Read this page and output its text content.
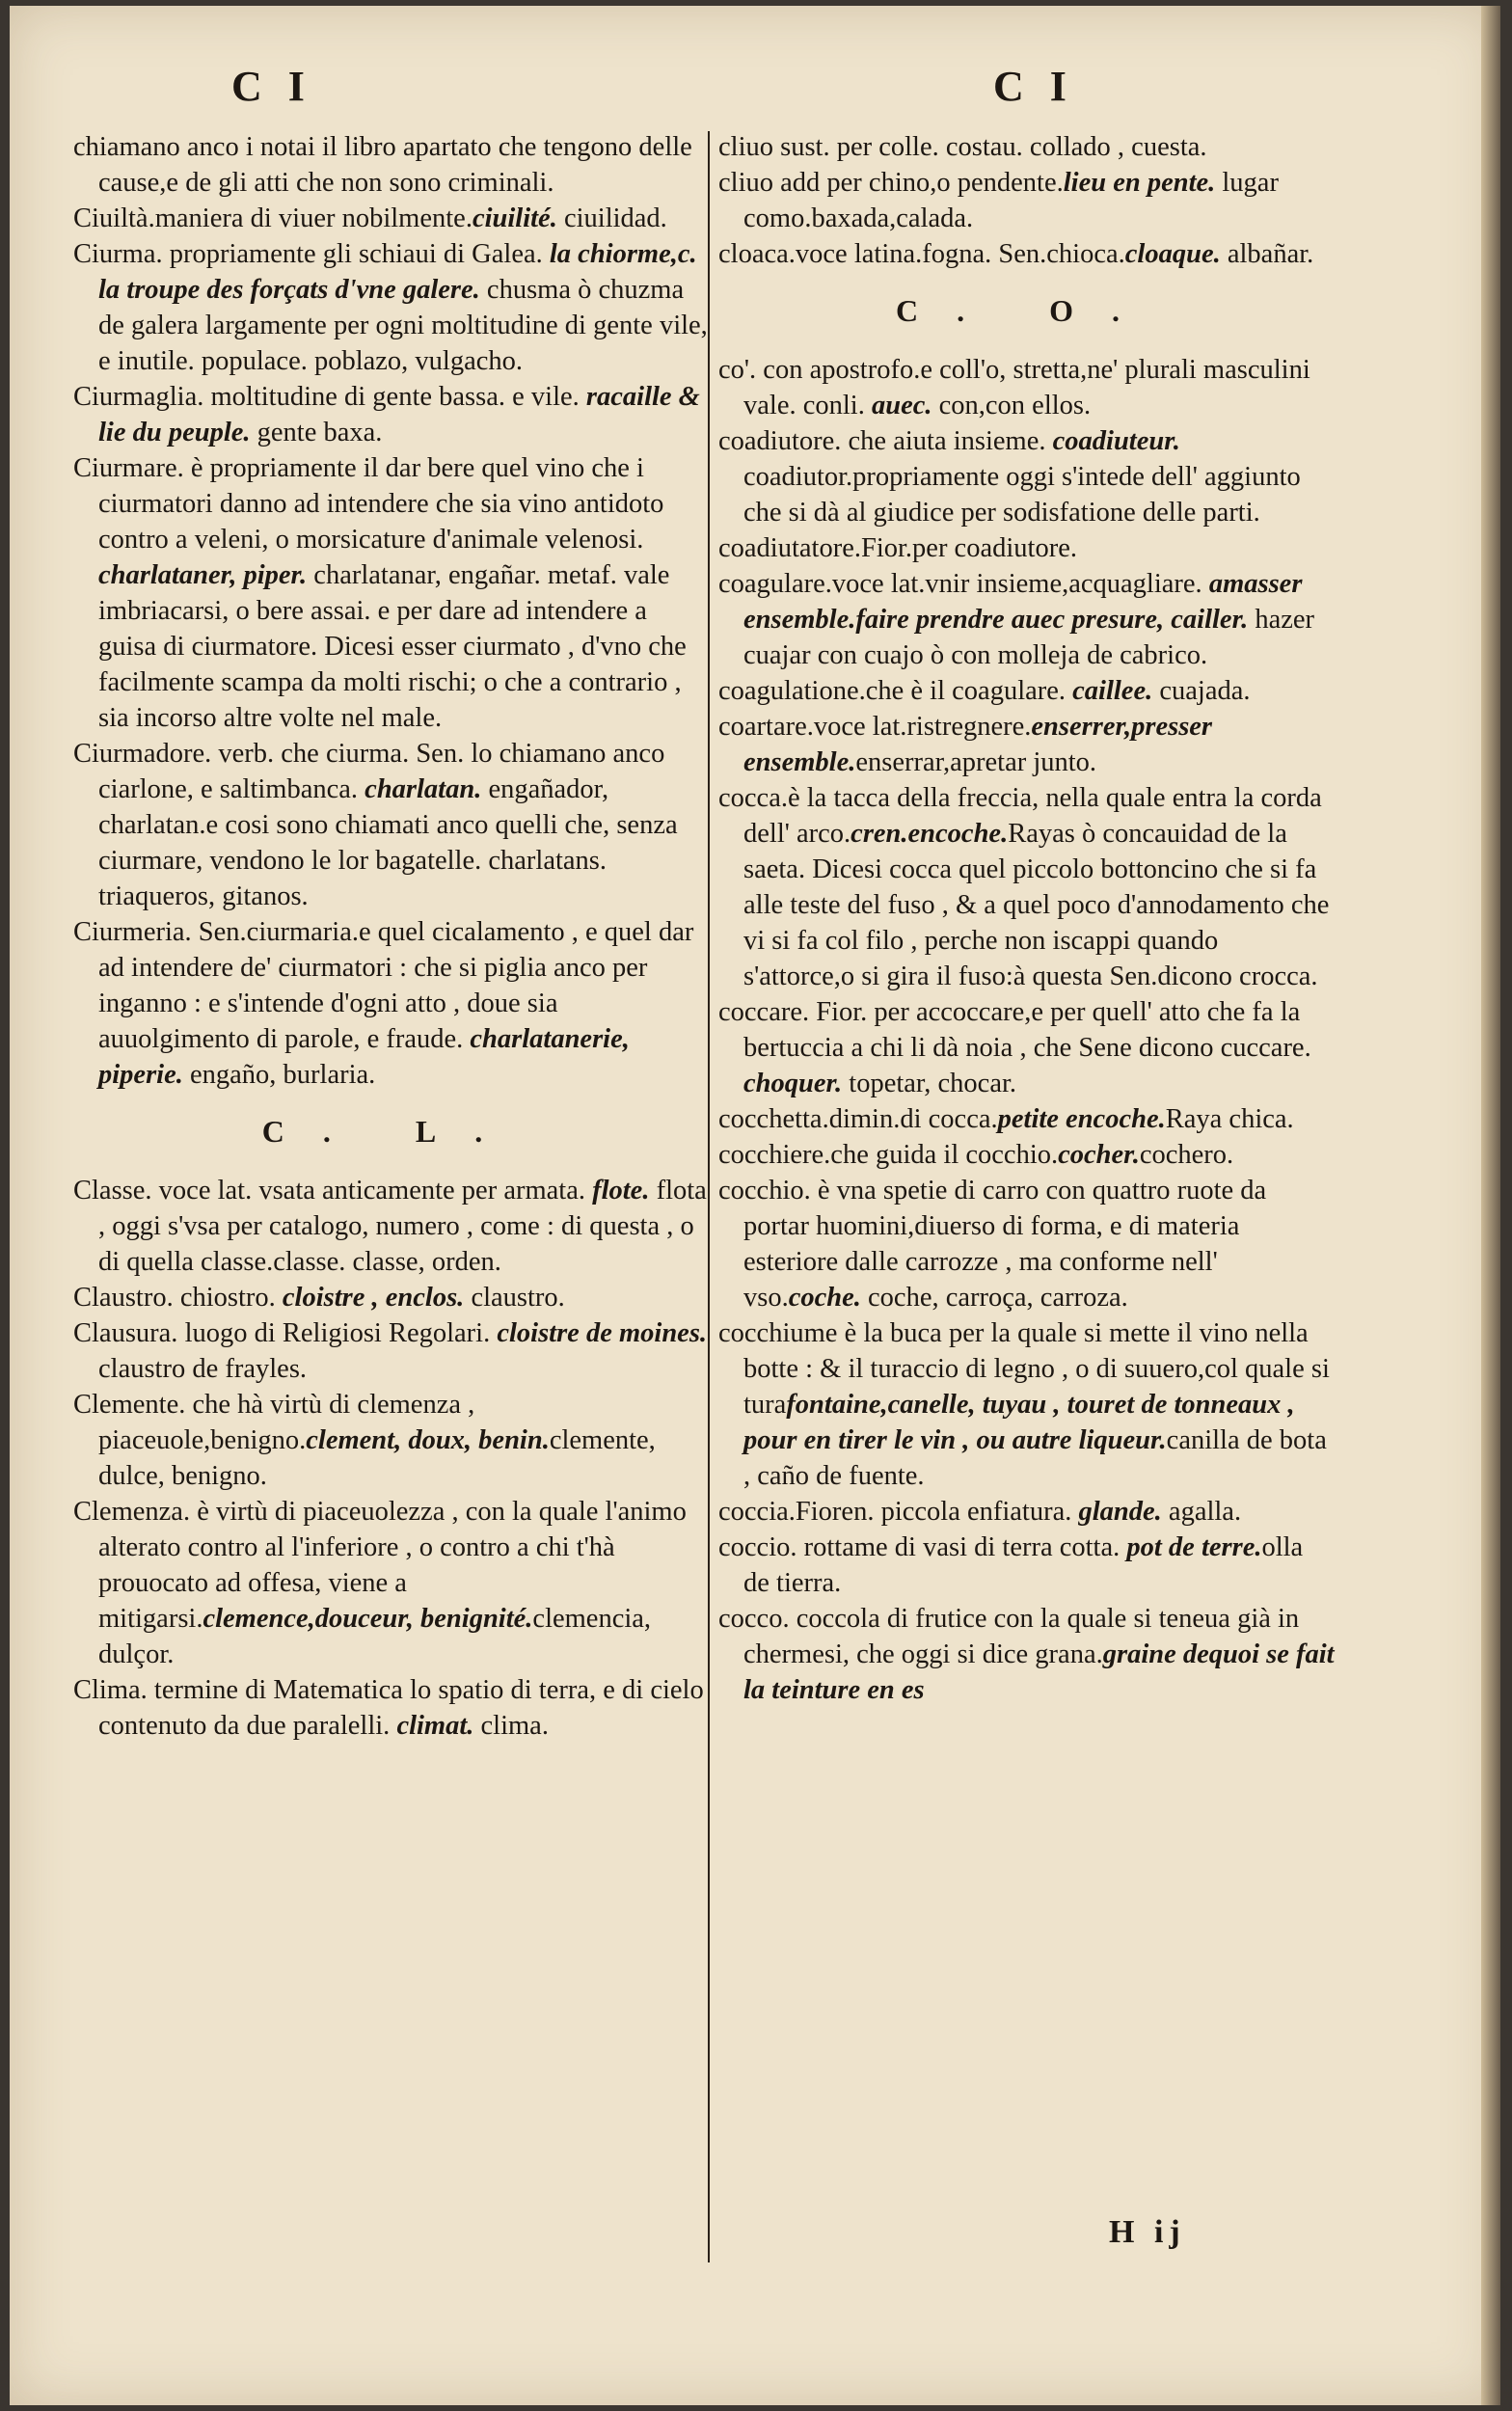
C I	C I

chiamano anco i notai il libro apartato che tengono delle cause,e de gli atti che non sono criminali.

Ciuiltà.maniera di viuer nobilmente.ciuilité. ciuilidad.

Ciurma. propriamente gli schiaui di Galea. la chiorme,c. la troupe des forçats d'vne galere. chusma ò chuzma de galera largamente per ogni moltitudine di gente vile, e inutile. populace. poblazo, vulgacho.

Ciurmaglia. moltitudine di gente bassa. e vile. racaille & lie du peuple. gente baxa.

Ciurmare. è propriamente il dar bere quel vino che i ciurmatori danno ad intendere che sia vino antidoto contro a veleni, o morsicature d'animale velenosi. charlataner, piper. charlatanar, engañar. metaf. vale imbriacarsi, o bere assai. e per dare ad intendere a guisa di ciurmatore. Dicesi esser ciurmato , d'vno che facilmente scampa da molti rischi; o che a contrario , sia incorso altre volte nel male.

Ciurmadore. verb. che ciurma. Sen. lo chiamano anco ciarlone, e saltimbanca. charlatan. engañador, charlatan.e cosi sono chiamati anco quelli che, senza ciurmare, vendono le lor bagatelle. charlatans. triaqueros, gitanos.

Ciurmeria. Sen.ciurmaria.e quel cicalamento , e quel dar ad intendere de' ciurmatori : che si piglia anco per inganno : e s'intende d'ogni atto , doue sia auuolgimento di parole, e fraude. charlatanerie, piperie. engaño, burlaria.

C. L.

Classe. voce lat. vsata anticamente per armata. flote. flota , oggi s'vsa per catalogo, numero , come : di questa , o di quella classe.classe. classe, orden.

Claustro. chiostro. cloistre , enclos. claustro.

Clausura. luogo di Religiosi Regolari. cloistre de moines. claustro de frayles.

Clemente. che hà virtù di clemenza , piaceuole,benigno.clement, doux, benin.clemente, dulce, benigno.

Clemenza. è virtù di piaceuolezza , con la quale l'animo alterato contro al l'inferiore , o contro a chi t'hà prouocato ad offesa, viene a mitigarsi.clemence,douceur, benignité.clemencia, dulçor.

Clima. termine di Matematica lo spatio di terra, e di cielo contenuto da due paralelli. climat. clima.

cliuo sust. per colle. costau. collado , cuesta.

cliuo add per chino,o pendente.lieu en pente. lugar como.baxada,calada.

cloaca.voce latina.fogna. Sen.chioca.cloaque. albañar.

C. O.

co'. con apostrofo.e coll'o, stretta,ne' plurali masculini vale. conli. auec. con,con ellos.

coadiutore. che aiuta insieme. coadiuteur. coadiutor.propriamente oggi s'intede dell' aggiunto che si dà al giudice per sodisfatione delle parti.

coadiutatore.Fior.per coadiutore.

coagulare.voce lat.vnir insieme,acquagliare. amasser ensemble.faire prendre auec presure, cailler. hazer cuajar con cuajo ò con molleja de cabrico.

coagulatione.che è il coagulare. caillee. cuajada.

coartare.voce lat.ristregnere.enserrer,presser ensemble.enserrar,apretar junto.

cocca.è la tacca della freccia, nella quale entra la corda dell' arco.cren.encoche.Rayas ò concauidad de la saeta. Dicesi cocca quel piccolo bottoncino che si fa alle teste del fuso , & a quel poco d'annodamento che vi si fa col filo , perche non iscappi quando s'attorce,o si gira il fuso:à questa Sen.dicono crocca.

coccare. Fior. per accoccare,e per quell' atto che fa la bertuccia a chi li dà noia , che Sene dicono cuccare. choquer. topetar, chocar.

cocchetta.dimin.di cocca.petite encoche.Raya chica.

cocchiere.che guida il cocchio.cocher.cochero.

cocchio. è vna spetie di carro con quattro ruote da portar huomini,diuerso di forma, e di materia esteriore dalle carrozze , ma conforme nell' vso.coche. coche, carroça, carroza.

cocchiume è la buca per la quale si mette il vino nella botte : & il turaccio di legno , o di suuero,col quale si turafontaine,canelle, tuyau , touret de tonneaux , pour en tirer le vin , ou autre liqueur.canilla de bota , caño de fuente.

coccia.Fioren. piccola enfiatura. glande. agalla.

coccio. rottame di vasi di terra cotta. pot de terre.olla de tierra.

cocco. coccola di frutice con la quale si teneua già in chermesi, che oggi si dice grana.graine dequoi se fait la teinture en es

H ij
